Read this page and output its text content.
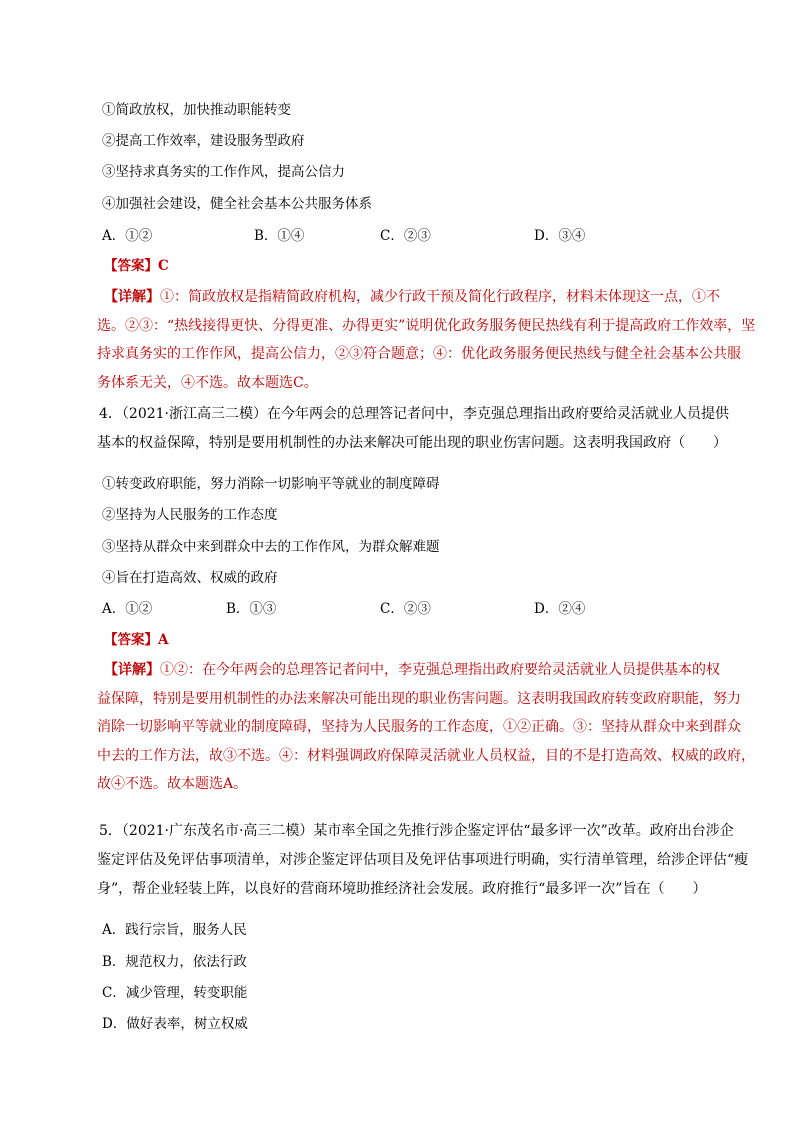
①简政放权，加快推动职能转变
②提高工作效率，建设服务型政府
③坚持求真务实的工作作风，提高公信力
④加强社会建设，健全社会基本公共服务体系
A．①②	B．①④	C．②③	D．③④
【答案】C
【详解】①：简政放权是指精简政府机构，减少行政干预及简化行政程序，材料未体现这一点，①不
选。②③：“热线接得更快、分得更准、办得更实”说明优化政务服务便民热线有利于提高政府工作效率，坚
持求真务实的工作作风，提高公信力，②③符合题意；④：优化政务服务便民热线与健全社会基本公共服
务体系无关，④不选。故本题选C。
4．（2021·浙江高三二模）在今年两会的总理答记者问中，李克强总理指出政府要给灵活就业人员提供
基本的权益保障，特别是要用机制性的办法来解决可能出现的职业伤害问题。这表明我国政府（　　）
①转变政府职能，努力消除一切影响平等就业的制度障碍
②坚持为人民服务的工作态度
③坚持从群众中来到群众中去的工作作风，为群众解难题
④旨在打造高效、权威的政府
A．①②	B．①③	C．②③	D．②④
【答案】A
【详解】①②：在今年两会的总理答记者问中，李克强总理指出政府要给灵活就业人员提供基本的权
益保障，特别是要用机制性的办法来解决可能出现的职业伤害问题。这表明我国政府转变政府职能，努力
消除一切影响平等就业的制度障碍，坚持为人民服务的工作态度，①②正确。③：坚持从群众中来到群众
中去的工作方法，故③不选。④：材料强调政府保障灵活就业人员权益，目的不是打造高效、权威的政府，
故④不选。故本题选A。
5．（2021·广东茂名市·高三二模）某市率全国之先推行涉企鉴定评估“最多评一次”改革。政府出台涉企
鉴定评估及免评估事项清单，对涉企鉴定评估项目及免评估事项进行明确，实行清单管理，给涉企评估“瘦
身”，帮企业轻装上阵，以良好的营商环境助推经济社会发展。政府推行“最多评一次”旨在（　　）
A．践行宗旨，服务人民
B．规范权力，依法行政
C．减少管理，转变职能
D．做好表率，树立权威
